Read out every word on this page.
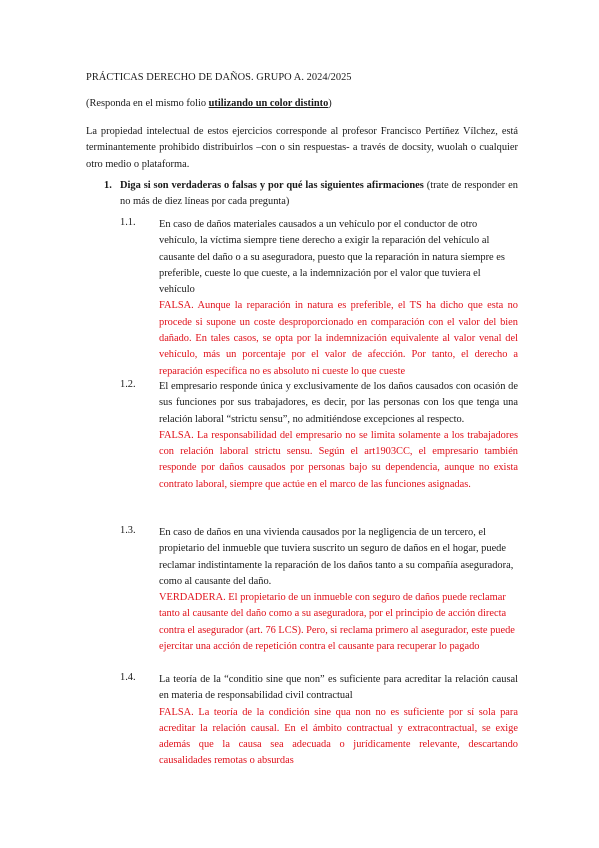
PRÁCTICAS DERECHO DE DAÑOS. GRUPO A. 2024/2025
(Responda en el mismo folio utilizando un color distinto)
La propiedad intelectual de estos ejercicios corresponde al profesor Francisco Pertíñez Vílchez, está terminantemente prohibido distribuirlos –con o sin respuestas- a través de docsity, wuolah o cualquier otro medio o plataforma.
1. Diga si son verdaderas o falsas y por qué las siguientes afirmaciones (trate de responder en no más de diez líneas por cada pregunta)
1.1. En caso de daños materiales causados a un vehículo por el conductor de otro vehículo, la víctima siempre tiene derecho a exigir la reparación del vehículo al causante del daño o a su aseguradora, puesto que la reparación in natura siempre es preferible, cueste lo que cueste, a la indemnización por el valor que tuviera el vehículo
FALSA. Aunque la reparación in natura es preferible, el TS ha dicho que esta no procede si supone un coste desproporcionado en comparación con el valor del bien dañado. En tales casos, se opta por la indemnización equivalente al valor venal del vehículo, más un porcentaje por el valor de afección. Por tanto, el derecho a reparación específica no es absoluto ni cueste lo que cueste
1.2. El empresario responde única y exclusivamente de los daños causados con ocasión de sus funciones por sus trabajadores, es decir, por las personas con los que tenga una relación laboral “strictu sensu”, no admitiéndose excepciones al respecto.
FALSA. La responsabilidad del empresario no se limita solamente a los trabajadores con relación laboral strictu sensu. Según el art1903CC, el empresario también responde por daños causados por personas bajo su dependencia, aunque no exista contrato laboral, siempre que actúe en el marco de las funciones asignadas.
1.3. En caso de daños en una vivienda causados por la negligencia de un tercero, el propietario del inmueble que tuviera suscrito un seguro de daños en el hogar, puede reclamar indistintamente la reparación de los daños tanto a su compañía aseguradora, como al causante del daño.
VERDADERA. El propietario de un inmueble con seguro de daños puede reclamar tanto al causante del daño como a su aseguradora, por el principio de acción directa contra el asegurador (art. 76 LCS). Pero, si reclama primero al asegurador, este puede ejercitar una acción de repetición contra el causante para recuperar lo pagado
1.4. La teoría de la “conditio sine que non” es suficiente para acreditar la relación causal en materia de responsabilidad civil contractual
FALSA. La teoría de la condición sine qua non no es suficiente por sí sola para acreditar la relación causal. En el ámbito contractual y extracontractual, se exige además que la causa sea adecuada o jurídicamente relevante, descartando causalidades remotas o absurdas
